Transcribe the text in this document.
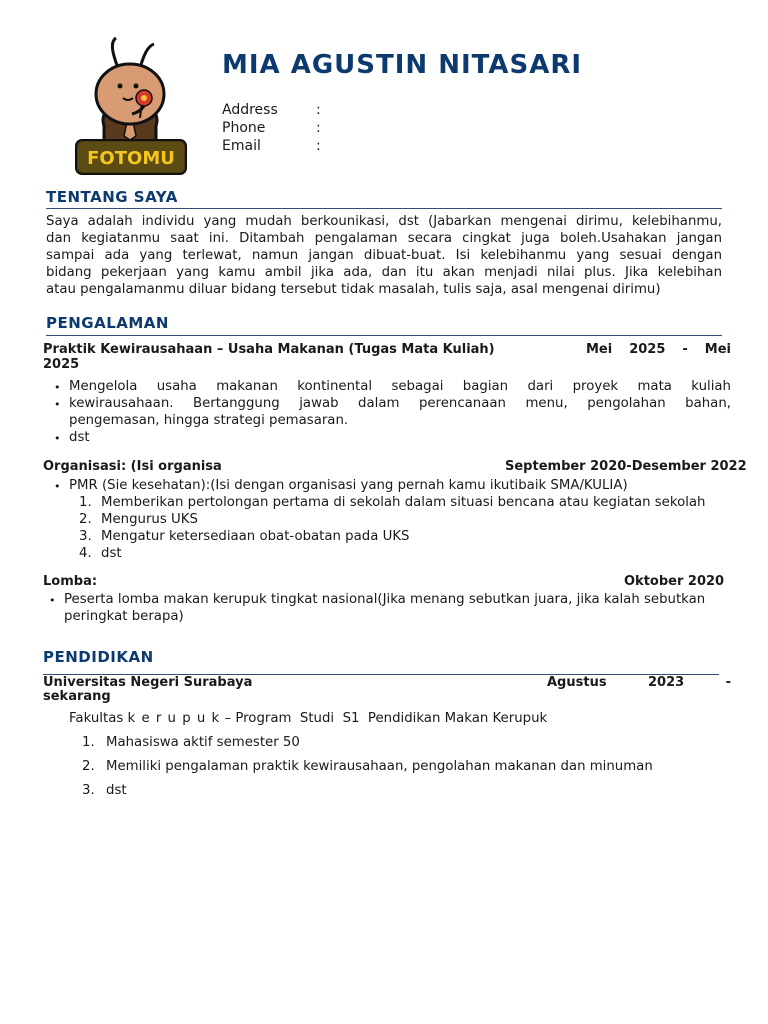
FOTOMU
MIA AGUSTIN NITASARI
Address	:
Phone	:
Email	:
TENTANG SAYA
Saya adalah individu yang mudah berkounikasi, dst (Jabarkan mengenai dirimu, kelebihanmu,
dan kegiatanmu saat ini. Ditambah pengalaman secara cingkat juga boleh.Usahakan jangan
sampai ada yang terlewat, namun jangan dibuat-buat. Isi kelebihanmu yang sesuai dengan
bidang pekerjaan yang kamu ambil jika ada, dan itu akan menjadi nilai plus. Jika kelebihan
atau pengalamanmu diluar bidang tersebut tidak masalah, tulis saja, asal mengenai dirimu)
PENGALAMAN
Praktik Kewirausahaan – Usaha Makanan (Tugas Mata Kuliah)	Mei 2025 - Mei
2025
• Mengelola usaha makanan kontinental sebagai bagian dari proyek mata kuliah
• kewirausahaan. Bertanggung jawab dalam perencanaan menu, pengolahan bahan,
pengemasan, hingga strategi pemasaran.
• dst
Organisasi: (Isi organisa	September 2020-Desember 2022
• PMR (Sie kesehatan):(Isi dengan organisasi yang pernah kamu ikutibaik SMA/KULIA)
1. Memberikan pertolongan pertama di sekolah dalam situasi bencana atau kegiatan sekolah
2. Mengurus UKS
3. Mengatur ketersediaan obat-obatan pada UKS
4. dst
Lomba:	Oktober 2020
• Peserta lomba makan kerupuk tingkat nasional(Jika menang sebutkan juara, jika kalah sebutkan
peringkat berapa)
PENDIDIKAN
Universitas Negeri Surabaya	Agustus	2023	-
sekarang
Fakultas k e r u p u k – Program  Studi  S1  Pendidikan Makan Kerupuk
1. Mahasiswa aktif semester 50
2. Memiliki pengalaman praktik kewirausahaan, pengolahan makanan dan minuman
3. dst
